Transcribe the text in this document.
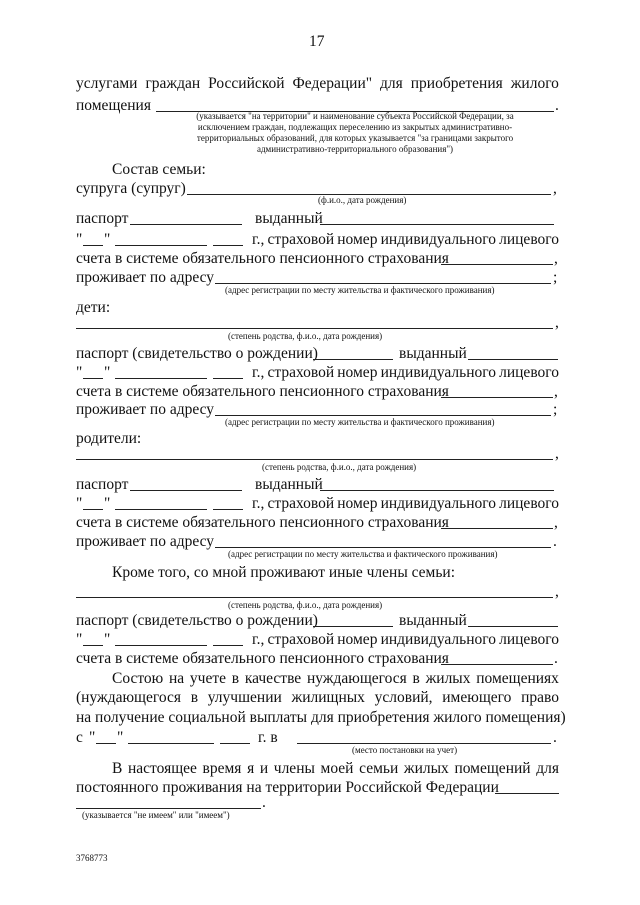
17
услугами граждан Российской Федерации" для приобретения жилого
помещения	.
(указывается "на территории" и наименование субъекта Российской Федерации, за
исключением граждан, подлежащих переселению из закрытых административно-
территориальных образований, для которых указывается "за границами закрытого
административно-территориального образования")
Состав семьи:
супруга (супруг)	,
(ф.и.о., дата рождения)
паспорт	выданный
" "	г., страховой номер индивидуального лицевого
счета в системе обязательного пенсионного страхования	,
проживает по адресу	;
(адрес регистрации по месту жительства и фактического проживания)
дети:
,
(степень родства, ф.и.о., дата рождения)
паспорт (свидетельство о рождении)	выданный
" "	г., страховой номер индивидуального лицевого
счета в системе обязательного пенсионного страхования	,
проживает по адресу	;
(адрес регистрации по месту жительства и фактического проживания)
родители:
,
(степень родства, ф.и.о., дата рождения)
паспорт	выданный
" "	г., страховой номер индивидуального лицевого
счета в системе обязательного пенсионного страхования	,
проживает по адресу	.
(адрес регистрации по месту жительства и фактического проживания)
Кроме того, со мной проживают иные члены семьи:
,
(степень родства, ф.и.о., дата рождения)
паспорт (свидетельство о рождении)	выданный
" "	г., страховой номер индивидуального лицевого
счета в системе обязательного пенсионного страхования	.
Состою на учете в качестве нуждающегося в жилых помещениях
(нуждающегося в улучшении жилищных условий, имеющего право
на получение социальной выплаты для приобретения жилого помещения)
с " "	г. в	.
(место постановки на учет)
В настоящее время я и члены моей семьи жилых помещений для
постоянного проживания на территории Российской Федерации
.
(указывается "не имеем" или "имеем")
3768773
